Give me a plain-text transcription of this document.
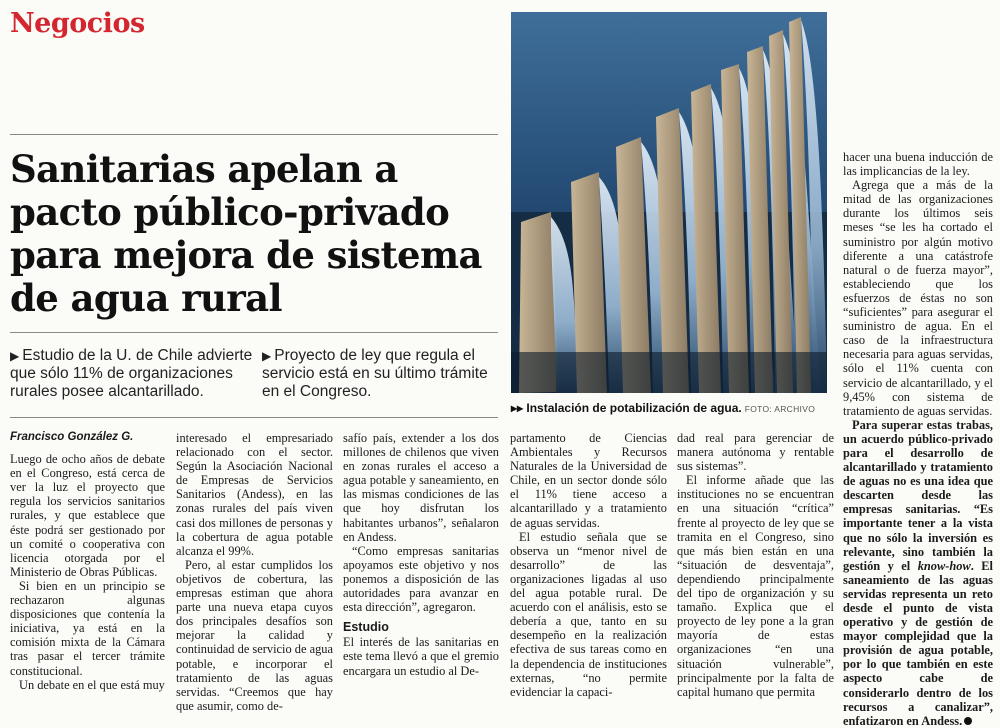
Negocios
Sanitarias apelan a
pacto público-privado
para mejora de sistema
de agua rural
▶ Estudio de la U. de Chile advierte
que sólo 11% de organizaciones
rurales posee alcantarillado.
▶ Proyecto de ley que regula el
servicio está en su último trámite
en el Congreso.
▸▸ Instalación de potabilización de agua. FOTO: ARCHIVO

Francisco González G.

Luego de ocho años de debate en el Congreso, está cerca de ver la luz el proyecto que regula los servicios sanitarios rurales, y que establece que éste podrá ser gestionado por un comité o cooperativa con licencia otorgada por el Ministerio de Obras Públicas.

Si bien en un principio se rechazaron algunas disposiciones que contenía la iniciativa, ya está en la comisión mixta de la Cámara tras pasar el tercer trámite constitucional.

Un debate en el que está muy

interesado el empresariado relacionado con el sector. Según la Asociación Nacional de Empresas de Servicios Sanitarios (Andess), en las zonas rurales del país viven casi dos millones de personas y la cobertura de agua potable alcanza el 99%.

Pero, al estar cumplidos los objetivos de cobertura, las empresas estiman que ahora parte una nueva etapa cuyos dos principales desafíos son mejorar la calidad y continuidad de servicio de agua potable, e incorporar el tratamiento de las aguas servidas. “Creemos que hay que asumir, como de-

safío país, extender a los dos millones de chilenos que viven en zonas rurales el acceso a agua potable y saneamiento, en las mismas condiciones de las que hoy disfrutan los habitantes urbanos”, señalaron en Andess.

“Como empresas sanitarias apoyamos este objetivo y nos ponemos a disposición de las autoridades para avanzar en esta dirección”, agregaron.

Estudio

El interés de las sanitarias en este tema llevó a que el gremio encargara un estudio al De-

partamento de Ciencias Ambientales y Recursos Naturales de la Universidad de Chile, en un sector donde sólo el 11% tiene acceso a alcantarillado y a tratamiento de aguas servidas.

El estudio señala que se observa un “menor nivel de desarrollo” de las organizaciones ligadas al uso del agua potable rural. De acuerdo con el análisis, esto se debería a que, tanto en su desempeño en la realización efectiva de sus tareas como en la dependencia de instituciones externas, “no permite evidenciar la capaci-

dad real para gerenciar de manera autónoma y rentable sus sistemas”.

El informe añade que las instituciones no se encuentran en una situación “crítica” frente al proyecto de ley que se tramita en el Congreso, sino que más bien están en una “situación de desventaja”, dependiendo principalmente del tipo de organización y su tamaño. Explica que el proyecto de ley pone a la gran mayoría de estas organizaciones “en una situación vulnerable”, principalmente por la falta de capital humano que permita

hacer una buena inducción de las implicancias de la ley.

Agrega que a más de la mitad de las organizaciones durante los últimos seis meses “se les ha cortado el suministro por algún motivo diferente a una catástrofe natural o de fuerza mayor”, estableciendo que los esfuerzos de éstas no son “suficientes” para asegurar el suministro de agua. En el caso de la infraestructura necesaria para aguas servidas, sólo el 11% cuenta con servicio de alcantarillado, y el 9,45% con sistema de tratamiento de aguas servidas.

Para superar estas trabas, un acuerdo público-privado para el desarrollo de alcantarillado y tratamiento de aguas no es una idea que descarten desde las empresas sanitarias. “Es importante tener a la vista que no sólo la inversión es relevante, sino también la gestión y el know-how. El saneamiento de las aguas servidas representa un reto desde el punto de vista operativo y de gestión de mayor complejidad que la provisión de agua potable, por lo que también en este aspecto cabe de considerarlo dentro de los recursos a canalizar”, enfatizaron en Andess.
